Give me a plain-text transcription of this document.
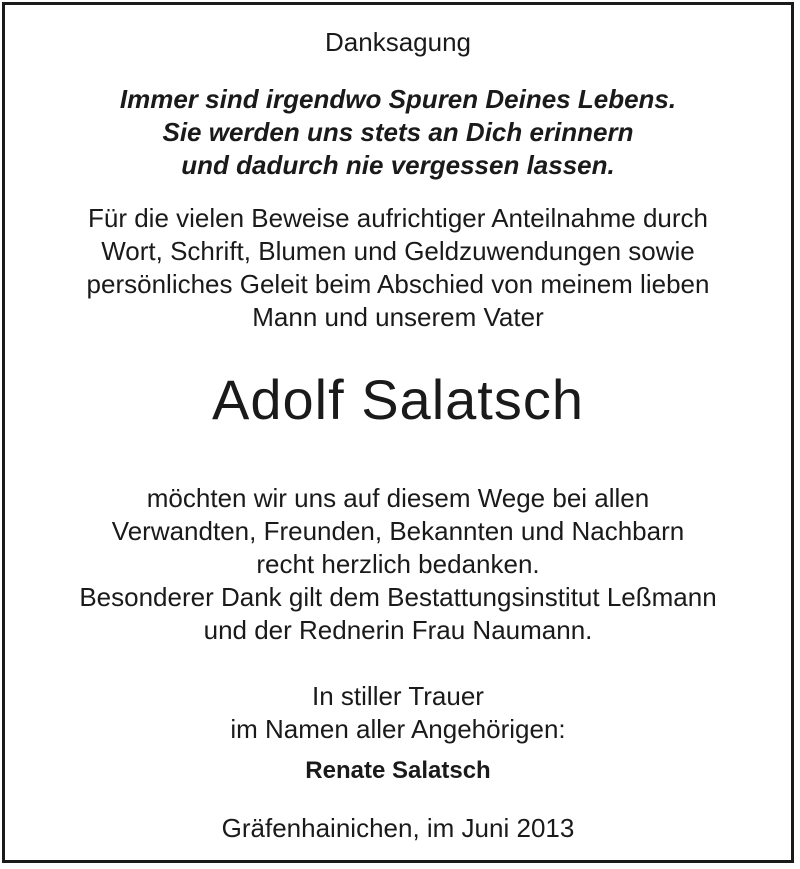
Danksagung
Immer sind irgendwo Spuren Deines Lebens.
Sie werden uns stets an Dich erinnern
und dadurch nie vergessen lassen.
Für die vielen Beweise aufrichtiger Anteilnahme durch
Wort, Schrift, Blumen und Geldzuwendungen sowie
persönliches Geleit beim Abschied von meinem lieben
Mann und unserem Vater
Adolf Salatsch
möchten wir uns auf diesem Wege bei allen
Verwandten, Freunden, Bekannten und Nachbarn
recht herzlich bedanken.
Besonderer Dank gilt dem Bestattungsinstitut Leßmann
und der Rednerin Frau Naumann.
In stiller Trauer
im Namen aller Angehörigen:
Renate Salatsch
Gräfenhainichen, im Juni 2013
